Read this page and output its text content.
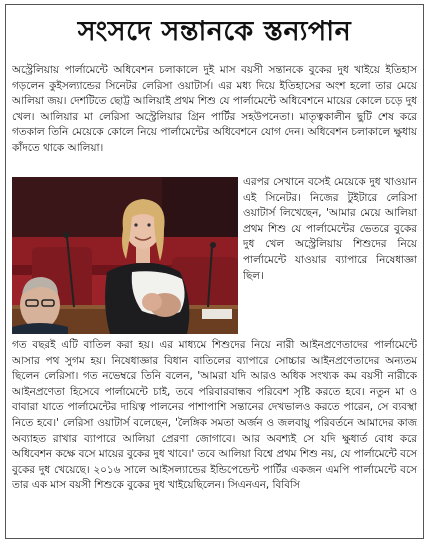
সংসদে সন্তানকে স্তন্যপান
অস্ট্রেলিয়ায় পার্লামেন্টে অধিবেশন চলাকালে দুই মাস বয়সী সন্তানকে বুকের দুধ খাইয়ে ইতিহাস গড়লেন কুইসল্যান্ডের সিনেটর লেরিসা ওয়াটার্স। এর মধ্য দিয়ে ইতিহাসের অংশ হলো তার মেয়ে আলিয়া জয়। দেশটিতে ছোট্ট আলিয়াই প্রথম শিশু যে পার্লামেন্টে অধিবেশনে মায়ের কোলে চড়ে দুধ খেল। আলিয়ার মা লেরিসা অস্ট্রেলিয়ার গ্রিন পার্টির সহউপনেতা। মাতৃত্বকালীন ছুটি শেষ করে গতকাল তিনি মেয়েকে কোলে নিয়ে পার্লামেন্টের অধিবেশনে যোগ দেন। অধিবেশন চলাকালে ক্ষুধায় কাঁদতে থাকে আলিয়া।
এরপর সেখানে বসেই মেয়েকে দুধ খাওয়ান এই সিনেটর। নিজের টুইটারে লেরিসা ওয়াটার্স লিখেছেন, 'আমার মেয়ে আলিয়া প্রথম শিশু যে পার্লামেন্টের ভেতরে বুকের দুধ খেল অস্ট্রেলিয়ায় শিশুদের নিয়ে পার্লামেন্টে যাওয়ার ব্যাপারে নিষেধাজ্ঞা ছিল।
গত বছরই এটি বাতিল করা হয়। এর মাধ্যমে শিশুদের নিয়ে নারী আইনপ্রণেতাদের পার্লামেন্টে আসার পথ সুগম হয়। নিষেধাজ্ঞার বিধান বাতিলের ব্যাপারে সোচ্চার আইনপ্রণেতাদের অন্যতম ছিলেন লেরিসা। গত নভেম্বরে তিনি বলেন, 'আমরা যদি আরও অধিক সংখ্যক কম বয়সী নারীকে আইনপ্রণেতা হিসেবে পার্লামেন্টে চাই, তবে পরিবারবান্ধব পরিবেশ সৃষ্টি করতে হবে। নতুন মা ও বাবারা যাতে পার্লামেন্টের দায়িত্ব পালনের পাশাপাশি সন্তানের দেখভালও করতে পারেন, সে ব্যবস্থা নিতে হবে।' লেরিসা ওয়াটার্স বলেছেন, 'লৈঙ্গিক সমতা অর্জন ও জলবায়ু পরিবর্তনে আমাদের কাজ অব্যাহত রাখার ব্যাপারে আলিয়া প্রেরণা জোগাবে। আর অবশ্যই সে যদি ক্ষুধার্ত বোধ করে অধিবেশন কক্ষে বসে মায়ের বুকের দুধ খাবে।' তবে আলিয়া বিশ্বে প্রথম শিশু নয়, যে পার্লামেন্টে বসে বুকের দুধ খেয়েছে। ২০১৬ সালে আইসল্যান্ডের ইন্ডিপেন্ডেন্ট পার্টির একজন এমপি পার্লামেন্টে বসে তার এক মাস বয়সী শিশুকে বুকের দুধ খাইয়েছিলেন। সিএনএন, বিবিসি
